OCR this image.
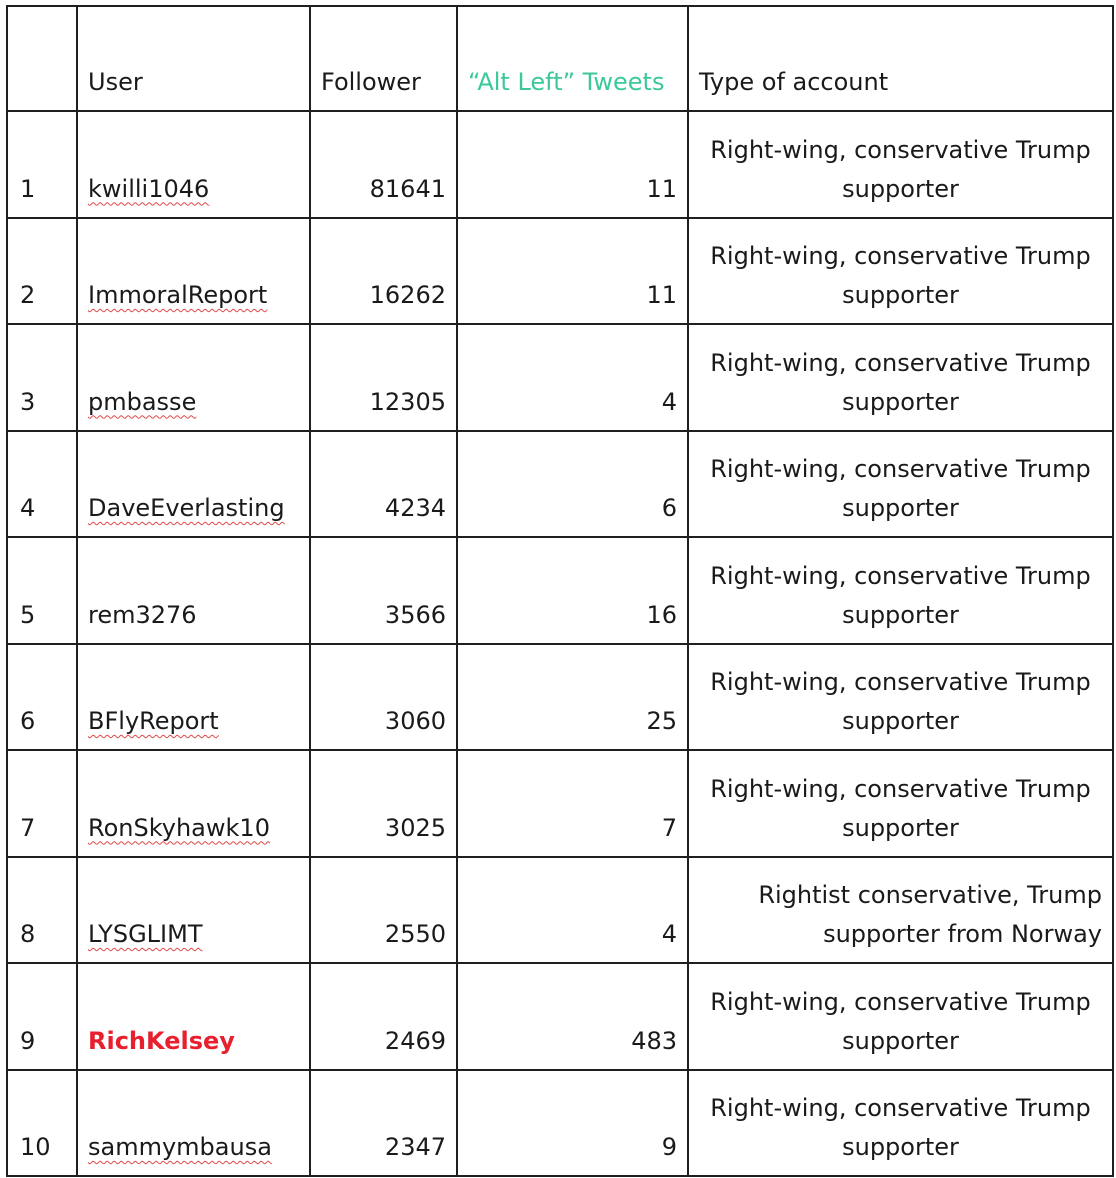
	User	Follower	“Alt Left” Tweets	Type of account
1	kwilli1046	81641	11	Right-wing, conservative Trump supporter
2	ImmoralReport	16262	11	Right-wing, conservative Trump supporter
3	pmbasse	12305	4	Right-wing, conservative Trump supporter
4	DaveEverlasting	4234	6	Right-wing, conservative Trump supporter
5	rem3276	3566	16	Right-wing, conservative Trump supporter
6	BFlyReport	3060	25	Right-wing, conservative Trump supporter
7	RonSkyhawk10	3025	7	Right-wing, conservative Trump supporter
8	LYSGLIMT	2550	4	Rightist conservative, Trump supporter from Norway
9	RichKelsey	2469	483	Right-wing, conservative Trump supporter
10	sammymbausa	2347	9	Right-wing, conservative Trump supporter
